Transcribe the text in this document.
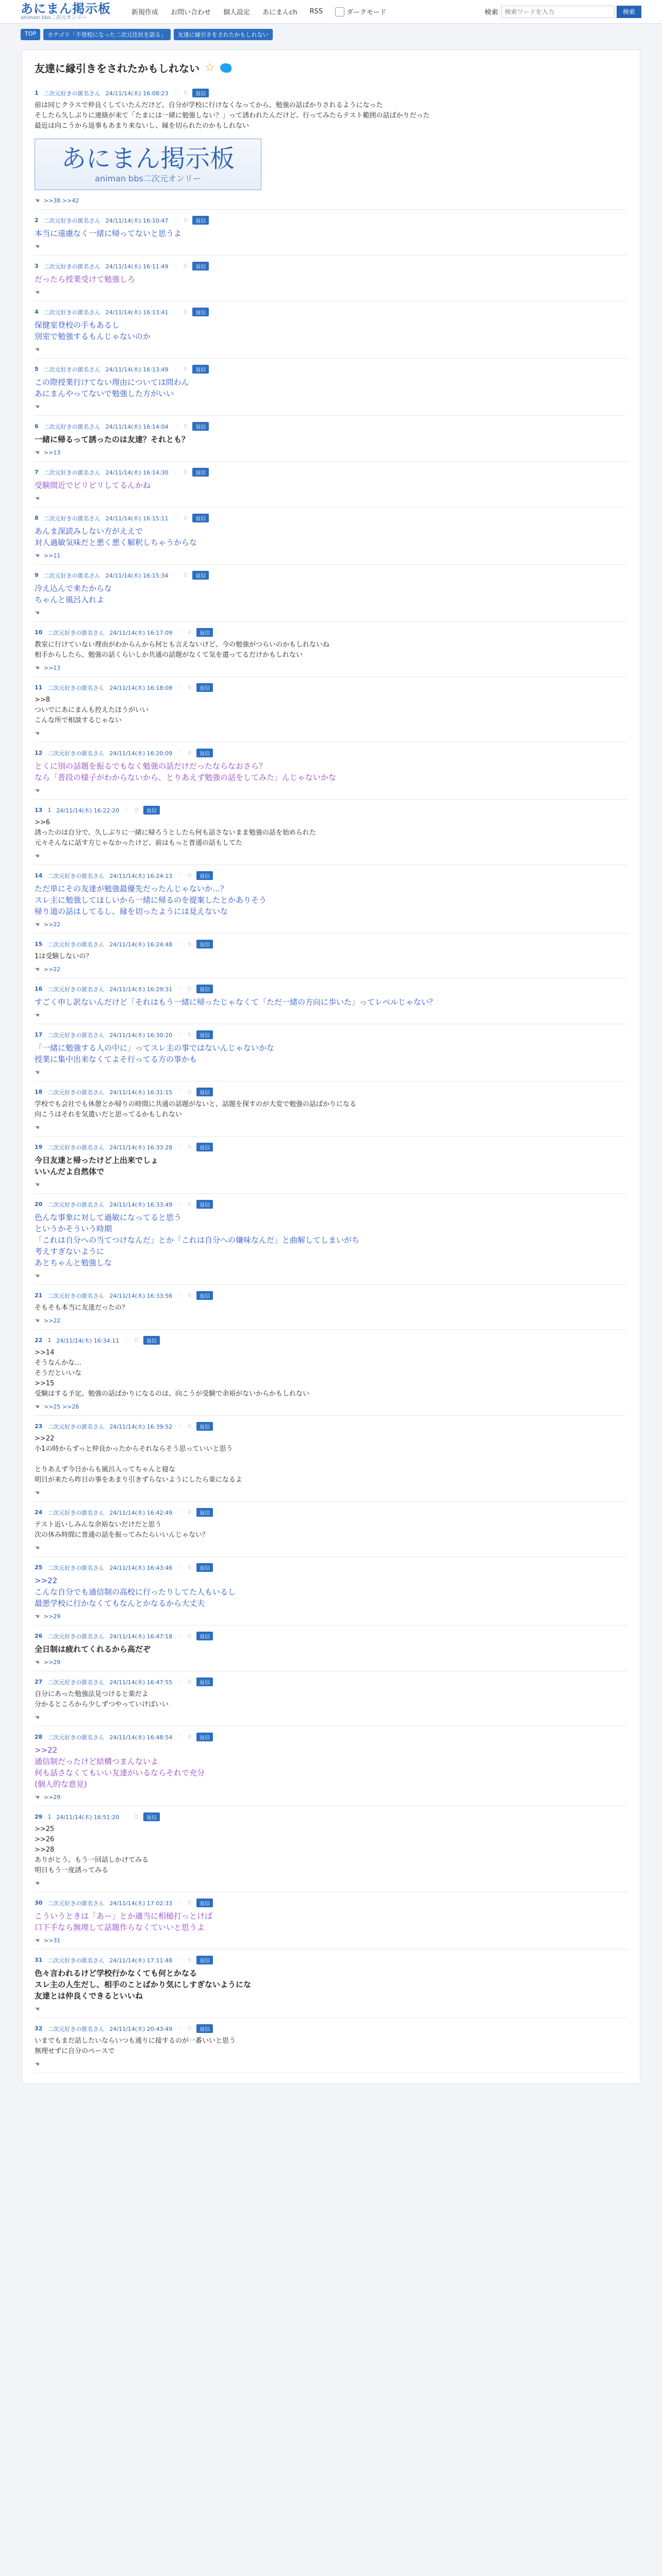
あにまん掲示板
animan bbs二次元オンリー
新規作成 お問い合わせ 個人設定 あにまんch RSS	ダークモード	検索
検索ワードを入力	検索
TOP	カテゴリ「不登校になった二次元住民を語る」	友達に縁引きをされたかもしれない
友達に縁引きをされたかもしれない ☆
1 二次元好きの匿名さん 24/11/14(木) 16:08:23 ♡ 0	返信
前は同じクラスで仲良くしていたんだけど、自分が学校に行けなくなってから、勉強の話ばかりされるようになった
そしたら久しぶりに連絡が来て「たまには一緒に勉強しない？」って誘われたんだけど、行ってみたらテスト範囲の話ばかりだった
最近は向こうから返事もあまり来ないし、縁を切られたのかもしれない
あにまん掲示板
animan bbs二次元オンリー
☚ >>38 >>42
2 二次元好きの匿名さん 24/11/14(木) 16:10:47 ♡ 0	返信
本当に遠慮なく一緒に帰ってないと思うよ
☚
3 二次元好きの匿名さん 24/11/14(木) 16:11:49 ♡ 0	返信
だったら授業受けて勉強しろ
☚
4 二次元好きの匿名さん 24/11/14(木) 16:13:41 ♡ 0	返信
保健室登校の手もあるし
別室で勉強するもんじゃないのか
☚
5 二次元好きの匿名さん 24/11/14(木) 16:13:49 ♡ 0	返信
この際授業行けてない理由については問わん
あにまんやってないで勉強した方がいい
☚
6 二次元好きの匿名さん 24/11/14(木) 16:14:04 ♡ 0	返信
一緒に帰るって誘ったのは友達？それとも？
☚ >>13
7 二次元好きの匿名さん 24/11/14(木) 16:14:30 ♡ 0	返信
受験間近でピリピリしてるんかね
☚
8 二次元好きの匿名さん 24/11/14(木) 16:15:11 ♡ 0	返信
あんま深読みしない方がええで
対人過敏気味だと悪く悪く解釈しちゃうからな
☚ >>11
9 二次元好きの匿名さん 24/11/14(木) 16:15:34 ♡ 0	返信
冷え込んで来たからな
ちゃんと風呂入れよ
☚
10 二次元好きの匿名さん 24/11/14(木) 16:17:09 ♡ 0	返信
教室に行けていない理由がわからんから何とも言えないけど、今の勉強がつらいのかもしれないね
相手からしたら、勉強の話くらいしか共通の話題がなくて気を遣ってるだけかもしれない
☚ >>13
11 二次元好きの匿名さん 24/11/14(木) 16:18:08 ♡ 0	返信
>>8
ついでにあにまんも控えたほうがいい
こんな所で相談するじゃない
☚
12 二次元好きの匿名さん 24/11/14(木) 16:20:09 ♡ 0	返信
とくに別の話題を振るでもなく勉強の話だけだったならなおさら？
なら「普段の様子がわからないから、とりあえず勉強の話をしてみた」んじゃないかな
☚
13 1 24/11/14(木) 16:22:20 ♡ 0	返信
>>6
誘ったのは自分で、久しぶりに一緒に帰ろうとしたら何も話さないまま勉強の話を始められた
元々そんなに話す方じゃなかったけど、前はもっと普通の話もしてた
☚
14 二次元好きの匿名さん 24/11/14(木) 16:24:13 ♡ 0	返信
ただ単にその友達が勉強最優先だったんじゃないか…？
スレ主に勉強してほしいから一緒に帰るのを提案したとかありそう
帰り道の話はしてるし、縁を切ったようには見えないな
☚ >>22
15 二次元好きの匿名さん 24/11/14(木) 16:24:48 ♡ 0	返信
1は受験しないの？
☚ >>22
16 二次元好きの匿名さん 24/11/14(木) 16:29:31 ♡ 0	返信
すごく申し訳ないんだけど「それはもう一緒に帰ったじゃなくて「ただ一緒の方向に歩いた」ってレベルじゃない？
☚
17 二次元好きの匿名さん 24/11/14(木) 16:30:20 ♡ 0	返信
「一緒に勉強する人の中に」ってスレ主の事ではないんじゃないかな
授業に集中出来なくてよそ行ってる方の事かも
☚
18 二次元好きの匿名さん 24/11/14(木) 16:31:15 ♡ 0	返信
学校でも会社でも休憩とか帰りの時間に共通の話題がないと、話題を探すのが大変で勉強の話ばかりになる
向こうはそれを気遣いだと思ってるかもしれない
☚
19 二次元好きの匿名さん 24/11/14(木) 16:33:28 ♡ 0	返信
今日友達と帰ったけど上出来でしょ
いいんだよ自然体で
☚
20 二次元好きの匿名さん 24/11/14(木) 16:33:49 ♡ 0	返信
色んな事象に対して過敏になってると思う
というかそういう時期
「これは自分への当てつけなんだ」とか「これは自分への嫌味なんだ」と曲解してしまいがち
考えすぎないように
あとちゃんと勉強しな
☚
21 二次元好きの匿名さん 24/11/14(木) 16:33:56 ♡ 0	返信
そもそも本当に友達だったの？
☚ >>22
22 1 24/11/14(木) 16:34:11 ♡ 0	返信
>>14
そうなんかな…
そうだといいな
>>15
受験はする予定。勉強の話ばかりになるのは、向こうが受験で余裕がないからかもしれない
☚ >>25 >>26
23 二次元好きの匿名さん 24/11/14(木) 16:39:52 ♡ 0	返信
>>22
小1の時からずっと仲良かったからそれならそう思っていいと思う

とりあえず今日からも風呂入ってちゃんと寝な
明日が来たら昨日の事をあまり引きずらないようにしたら楽になるよ
☚
24 二次元好きの匿名さん 24/11/14(木) 16:42:49 ♡ 0	返信
テスト近いしみんな余裕ないだけだと思う
次の休み時間に普通の話を振ってみたらいいんじゃない？
☚
25 二次元好きの匿名さん 24/11/14(木) 16:43:46 ♡ 0	返信
>>22
こんな自分でも通信制の高校に行ったりしてた人もいるし
最悪学校に行かなくてもなんとかなるから大丈夫
☚ >>29
26 二次元好きの匿名さん 24/11/14(木) 16:47:18 ♡ 0	返信
全日制は疲れてくれるから高だぞ
☚ >>29
27 二次元好きの匿名さん 24/11/14(木) 16:47:55 ♡ 0	返信
自分にあった勉強法見つけると楽だよ
分かるところから少しずつやっていけばいい
☚
28 二次元好きの匿名さん 24/11/14(木) 16:48:54 ♡ 0	返信
>>22
通信制だったけど結構つまんないよ
何も話さなくてもいい友達がいるならそれで充分
(個人的な意見)
☚ >>29
29 1 24/11/14(木) 16:51:20 ♡ 0	返信
>>25
>>26
>>28
ありがとう。もう一回話しかけてみる
明日もう一度誘ってみる
☚
30 二次元好きの匿名さん 24/11/14(木) 17:02:33 ♡ 0	返信
こういうときは「あー」とか適当に相槌打っとけば
口下手なら無理して話題作らなくていいと思うよ
☚ >>31
31 二次元好きの匿名さん 24/11/14(木) 17:11:48 ♡ 0	返信
色々言われるけど学校行かなくても何とかなる
スレ主の人生だし、相手のことばかり気にしすぎないようにな
友達とは仲良くできるといいね
☚
32 二次元好きの匿名さん 24/11/14(木) 20:43:49 ♡ 0	返信
いまでもまだ話したいならいつも通りに接するのが一番いいと思う
無理せずに自分のペースで
☚
